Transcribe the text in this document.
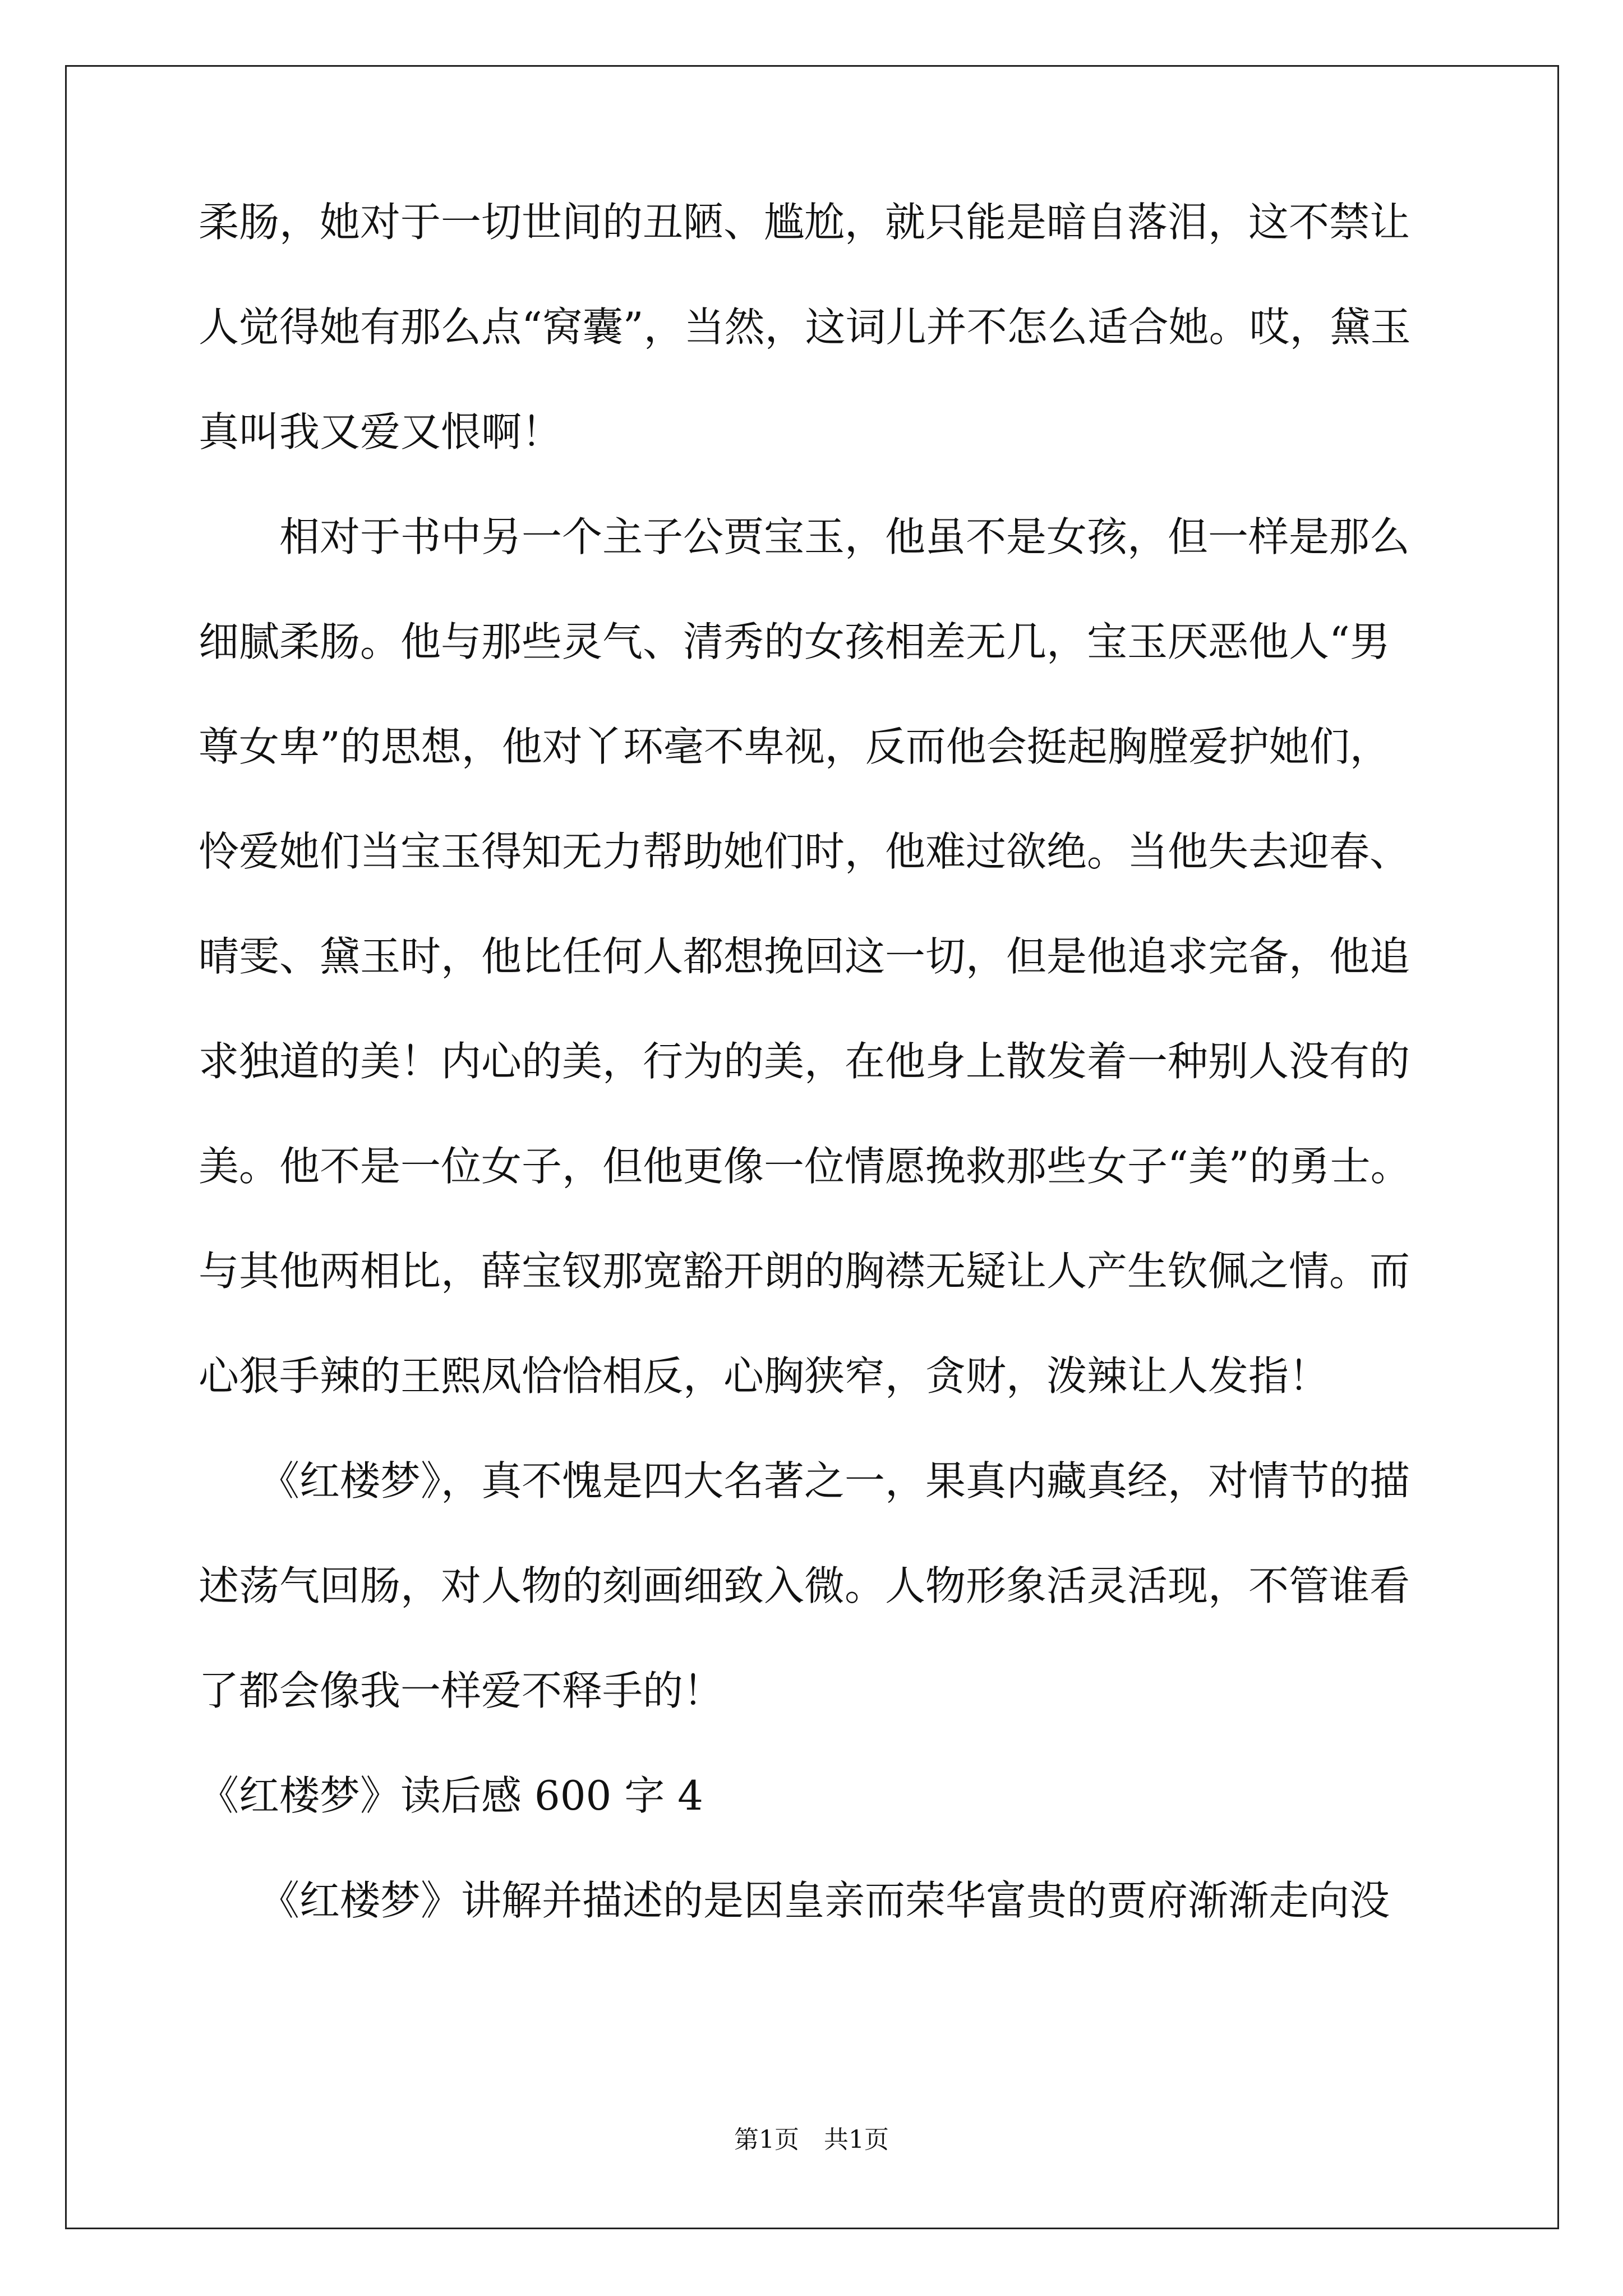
柔肠，她对于一切世间的丑陋、尴尬，就只能是暗自落泪，这不禁让
人觉得她有那么点“窝囊”，当然，这词儿并不怎么适合她。哎，黛玉
真叫我又爱又恨啊！
　　相对于书中另一个主子公贾宝玉，他虽不是女孩，但一样是那么
细腻柔肠。他与那些灵气、清秀的女孩相差无几，宝玉厌恶他人“男
尊女卑”的思想，他对丫环毫不卑视，反而他会挺起胸膛爱护她们，
怜爱她们当宝玉得知无力帮助她们时，他难过欲绝。当他失去迎春、
晴雯、黛玉时，他比任何人都想挽回这一切，但是他追求完备，他追
求独道的美！内心的美，行为的美，在他身上散发着一种别人没有的
美。他不是一位女子，但他更像一位情愿挽救那些女子“美”的勇士。
与其他两相比，薛宝钗那宽豁开朗的胸襟无疑让人产生钦佩之情。而
心狠手辣的王熙凤恰恰相反，心胸狭窄，贪财，泼辣让人发指！
　　《红楼梦》，真不愧是四大名著之一，果真内藏真经，对情节的描
述荡气回肠，对人物的刻画细致入微。人物形象活灵活现，不管谁看
了都会像我一样爱不释手的！
《红楼梦》读后感 600 字 4
　　《红楼梦》讲解并描述的是因皇亲而荣华富贵的贾府渐渐走向没
第1页　共1页
